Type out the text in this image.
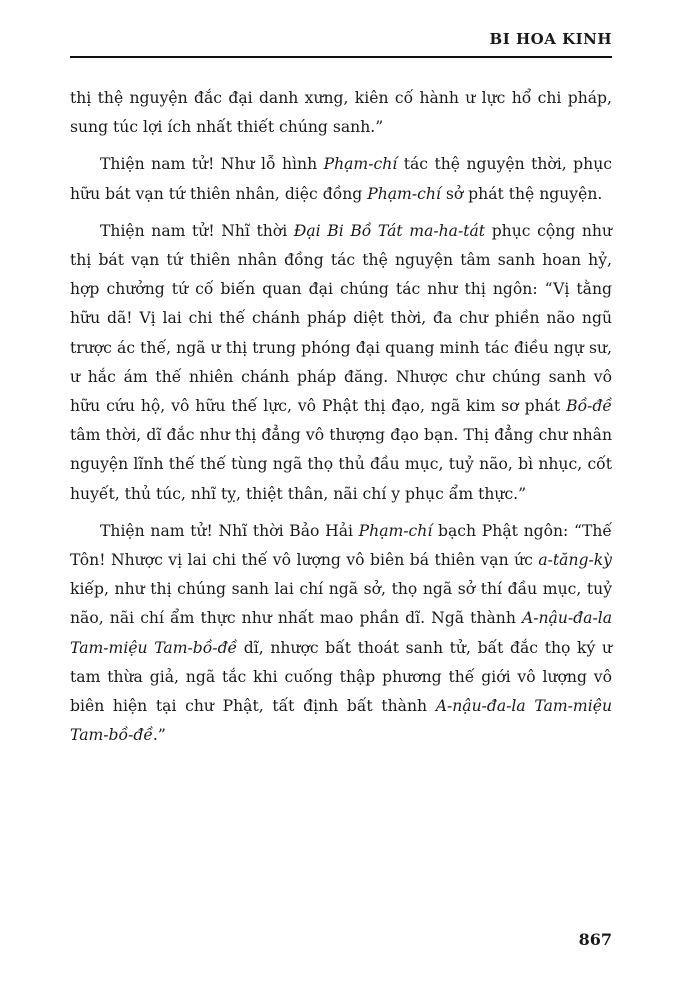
BI HOA KINH

thị thệ nguyện đắc đại danh xưng, kiên cố hành ư lực hổ chi pháp, sung túc lợi ích nhất thiết chúng sanh.”

Thiện nam tử! Như lỗ hình Phạm-chí tác thệ nguyện thời, phục hữu bát vạn tứ thiên nhân, diệc đồng Phạm-chí sở phát thệ nguyện.

Thiện nam tử! Nhĩ thời Đại Bi Bồ Tát ma-ha-tát phục cộng như thị bát vạn tứ thiên nhân đồng tác thệ nguyện tâm sanh hoan hỷ, hợp chưởng tứ cố biến quan đại chúng tác như thị ngôn: “Vị tằng hữu dã! Vị lai chi thế chánh pháp diệt thời, đa chư phiền não ngũ trược ác thế, ngã ư thị trung phóng đại quang minh tác điều ngự sư, ư hắc ám thế nhiên chánh pháp đăng. Nhược chư chúng sanh vô hữu cứu hộ, vô hữu thế lực, vô Phật thị đạo, ngã kim sơ phát Bồ-đề tâm thời, dĩ đắc như thị đẳng vô thượng đạo bạn. Thị đẳng chư nhân nguyện lĩnh thế thế tùng ngã thọ thủ đầu mục, tuỷ não, bì nhục, cốt huyết, thủ túc, nhĩ tỵ, thiệt thân, nãi chí y phục ẩm thực.”

Thiện nam tử! Nhĩ thời Bảo Hải Phạm-chí bạch Phật ngôn: “Thế Tôn! Nhược vị lai chi thế vô lượng vô biên bá thiên vạn ức a-tăng-kỳ kiếp, như thị chúng sanh lai chí ngã sở, thọ ngã sở thí đầu mục, tuỷ não, nãi chí ẩm thực như nhất mao phần dĩ. Ngã thành A-nậu-đa-la Tam-miệu Tam-bồ-đề dĩ, nhược bất thoát sanh tử, bất đắc thọ ký ư tam thừa giả, ngã tắc khi cuống thập phương thế giới vô lượng vô biên hiện tại chư Phật, tất định bất thành A-nậu-đa-la Tam-miệu Tam-bồ-đề.”

867
